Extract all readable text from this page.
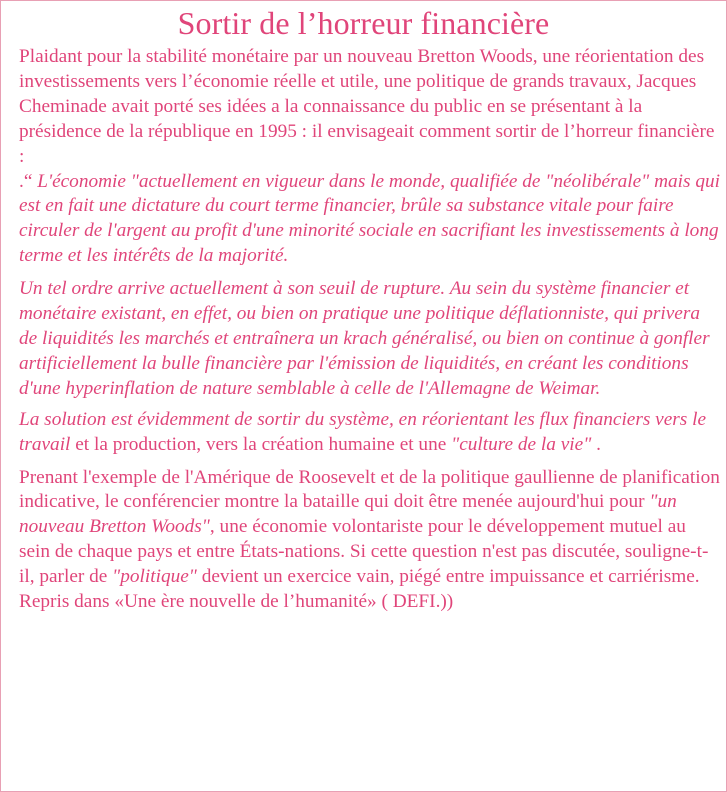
Sortir de l’horreur financière

Plaidant pour la stabilité monétaire par un nouveau Bretton Woods, une réorientation des investissements vers l’économie réelle et utile, une politique de grands travaux, Jacques Cheminade avait porté ses idées a la connaissance du public en se présentant à la présidence de la république en 1995 : il envisageait comment sortir de l’horreur financière :
.“ L'économie "actuellement en vigueur dans le monde, qualifiée de "néolibérale" mais qui est en fait une dictature du court terme financier, brûle sa substance vitale pour faire circuler de l'argent au profit d'une minorité sociale en sacrifiant les investissements à long terme et les intérêts de la majorité.

Un tel ordre arrive actuellement à son seuil de rupture. Au sein du système financier et monétaire existant, en effet, ou bien on pratique une politique déflationniste, qui privera de liquidités les marchés et entraînera un krach généralisé, ou bien on continue à gonfler artificiellement la bulle financière par l'émission de liquidités, en créant les conditions d'une hyperinflation de nature semblable à celle de l'Allemagne de Weimar.

La solution est évidemment de sortir du système, en réorientant les flux financiers vers le travail et la production, vers la création humaine et une "culture de la vie" .

Prenant l'exemple de l'Amérique de Roosevelt et de la politique gaullienne de planification indicative, le conférencier montre la bataille qui doit être menée aujourd'hui pour "un nouveau Bretton Woods", une économie volontariste pour le développement mutuel au sein de chaque pays et entre États-nations. Si cette question n'est pas discutée, souligne-t-il, parler de "politique" devient un exercice vain, piégé entre impuissance et carriérisme. Repris dans «Une ère nouvelle de l’humanité» ( DEFI.))
